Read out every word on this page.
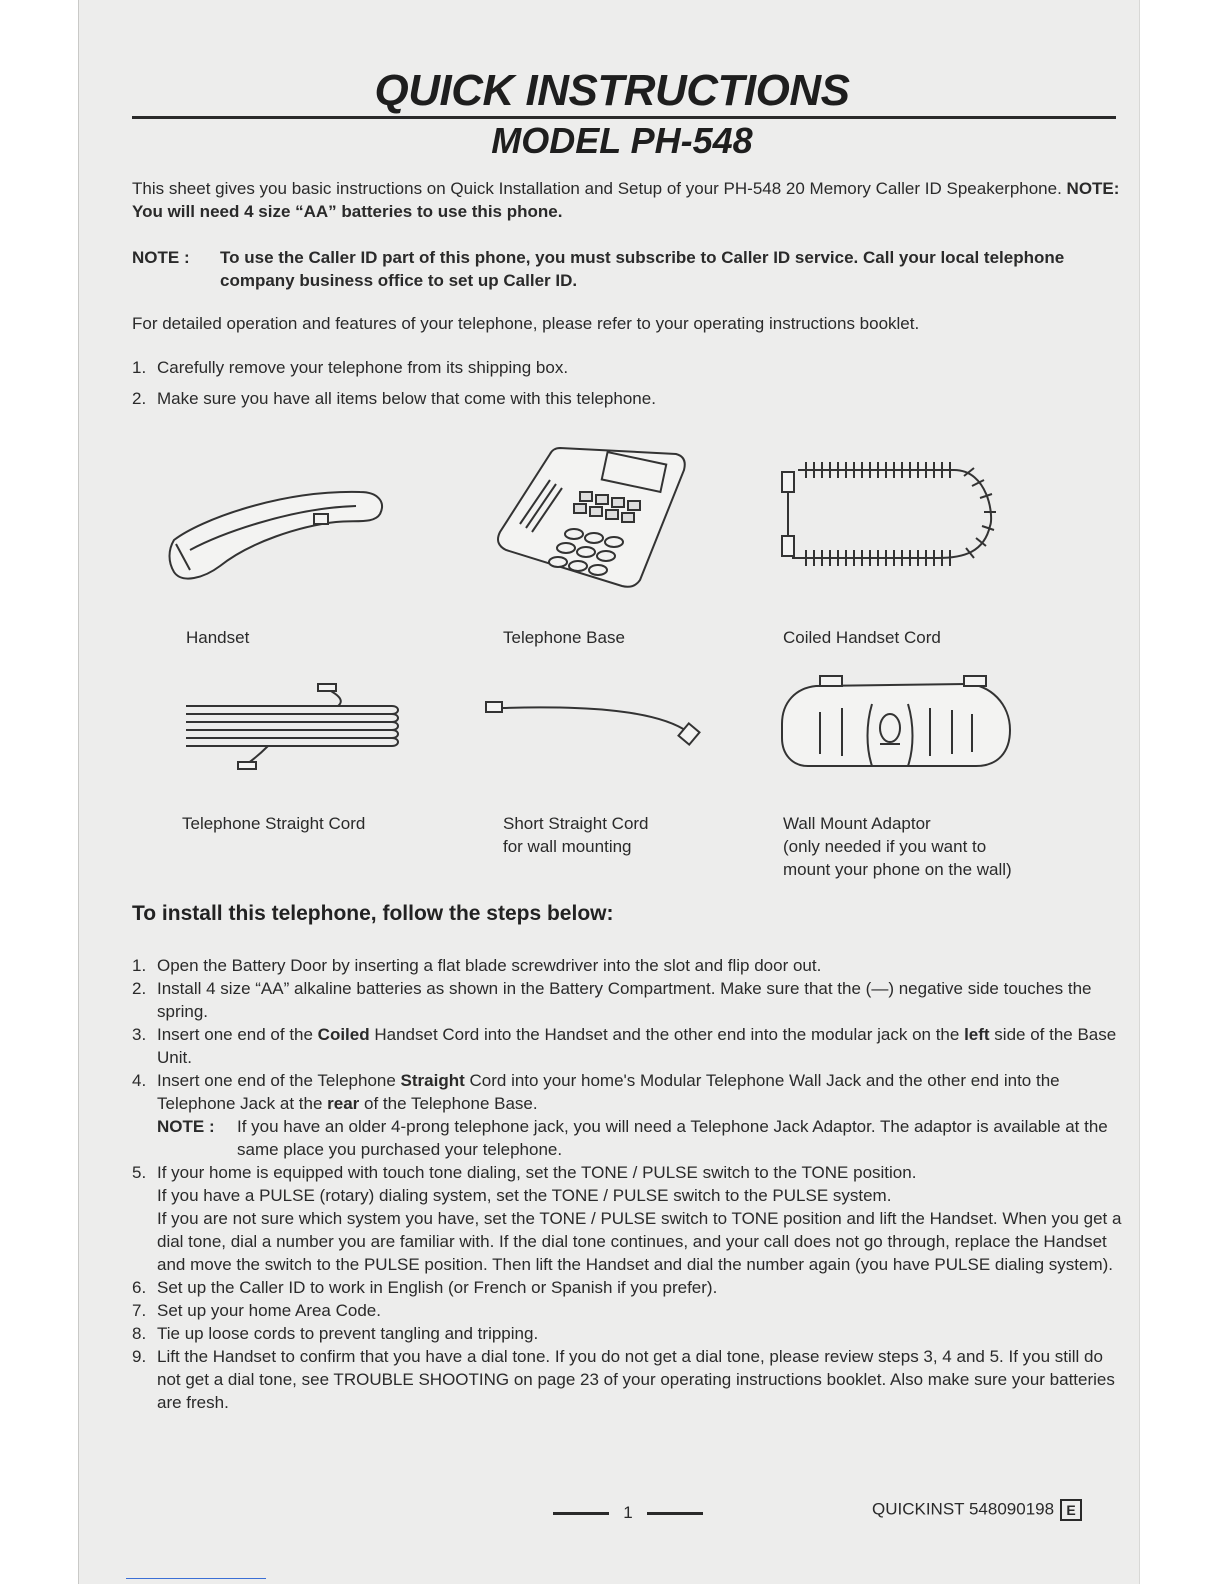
QUICK INSTRUCTIONS
MODEL PH-548
This sheet gives you basic instructions on Quick Installation and Setup of your PH-548 20 Memory Caller ID Speakerphone. NOTE: You will need 4 size “AA” batteries to use this phone.
NOTE :	To use the Caller ID part of this phone, you must subscribe to Caller ID service. Call your local telephone company business office to set up Caller ID.
For detailed operation and features of your telephone, please refer to your operating instructions booklet.
1. Carefully remove your telephone from its shipping box.
2. Make sure you have all items below that come with this telephone.
Handset	Telephone Base	Coiled Handset Cord
Telephone Straight Cord	Short Straight Cord
for wall mounting
Wall Mount Adaptor
(only needed if you want to
mount your phone on the wall)
To install this telephone, follow the steps below:
1. Open the Battery Door by inserting a flat blade screwdriver into the slot and flip door out.
2. Install 4 size “AA” alkaline batteries as shown in the Battery Compartment. Make sure that the (—) negative side touches the spring.
3. Insert one end of the Coiled Handset Cord into the Handset and the other end into the modular jack on the left side of the Base Unit.
4. Insert one end of the Telephone Straight Cord into your home's Modular Telephone Wall Jack and the other end into the Telephone Jack at the rear of the Telephone Base.
NOTE :	If you have an older 4-prong telephone jack, you will need a Telephone Jack Adaptor. The adaptor is available at the same place you purchased your telephone.
5. If your home is equipped with touch tone dialing, set the TONE / PULSE switch to the TONE position.
If you have a PULSE (rotary) dialing system, set the TONE / PULSE switch to the PULSE system.
If you are not sure which system you have, set the TONE / PULSE switch to TONE position and lift the Handset. When you get a dial tone, dial a number you are familiar with. If the dial tone continues, and your call does not go through, replace the Handset and move the switch to the PULSE position. Then lift the Handset and dial the number again (you have PULSE dialing system).
6. Set up the Caller ID to work in English (or French or Spanish if you prefer).
7. Set up your home Area Code.
8. Tie up loose cords to prevent tangling and tripping.
9. Lift the Handset to confirm that you have a dial tone. If you do not get a dial tone, please review steps 3, 4 and 5. If you still do not get a dial tone, see TROUBLE SHOOTING on page 23 of your operating instructions booklet. Also make sure your batteries are fresh.
1	QUICKINST 548090198 E
